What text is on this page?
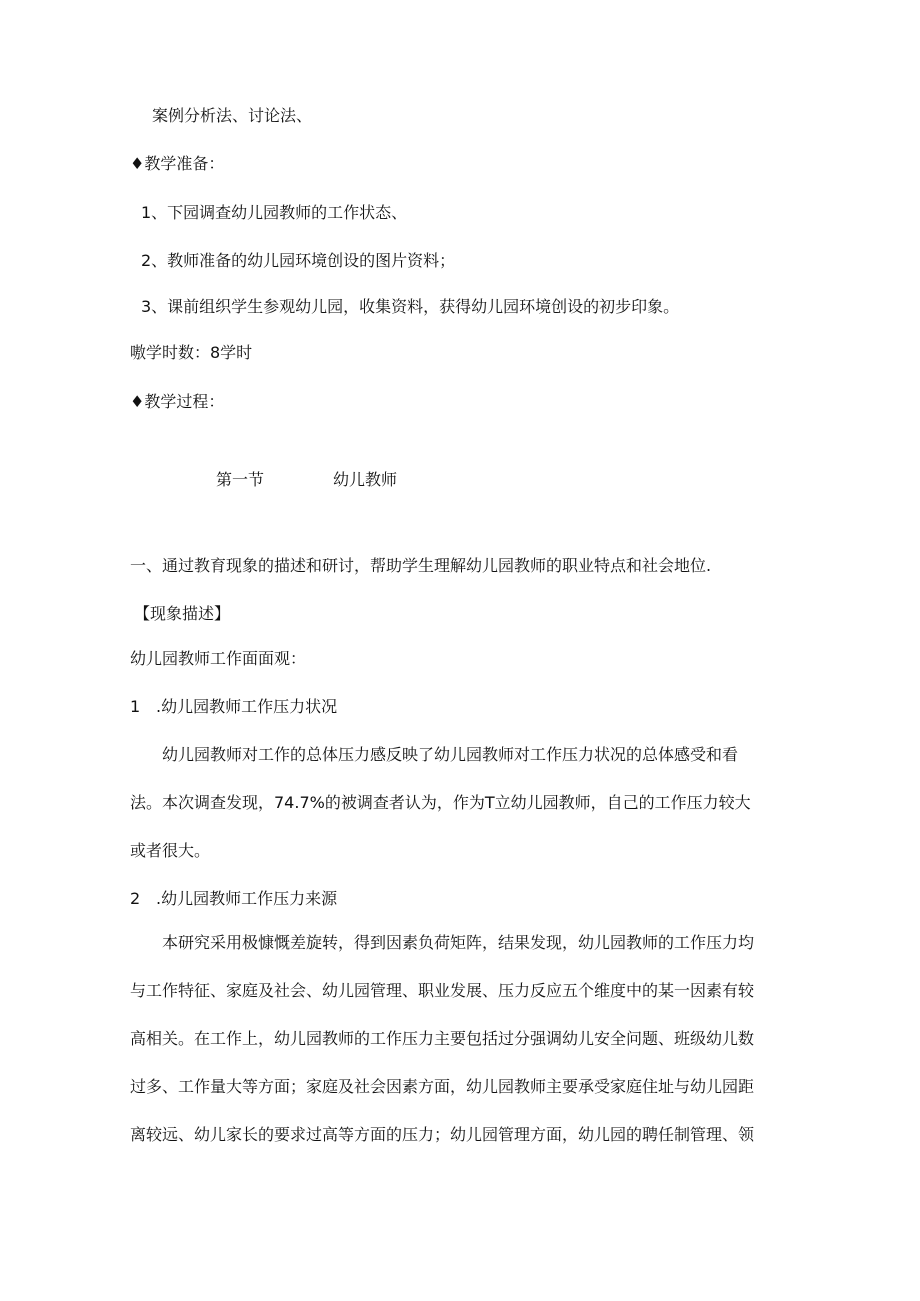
案例分析法、讨论法、
♦教学准备：
1、下园调查幼儿园教师的工作状态、
2、教师准备的幼儿园环境创设的图片资料；
3、课前组织学生参观幼儿园，收集资料，获得幼儿园环境创设的初步印象。
嗷学时数：8学时
♦教学过程：
第一节	幼儿教师
一、通过教育现象的描述和研讨，帮助学生理解幼儿园教师的职业特点和社会地位.
【现象描述】
幼儿园教师工作面面观：
1 .幼儿园教师工作压力状况
　　幼儿园教师对工作的总体压力感反映了幼儿园教师对工作压力状况的总体感受和看
法。本次调查发现，74.7%的被调查者认为，作为T立幼儿园教师，自己的工作压力较大
或者很大。
2 .幼儿园教师工作压力来源
　　本研究采用极慷慨差旋转，得到因素负荷矩阵，结果发现，幼儿园教师的工作压力均
与工作特征、家庭及社会、幼儿园管理、职业发展、压力反应五个维度中的某一因素有较
高相关。在工作上，幼儿园教师的工作压力主要包括过分强调幼儿安全问题、班级幼儿数
过多、工作量大等方面；家庭及社会因素方面，幼儿园教师主要承受家庭住址与幼儿园距
离较远、幼儿家长的要求过高等方面的压力；幼儿园管理方面，幼儿园的聘任制管理、领
